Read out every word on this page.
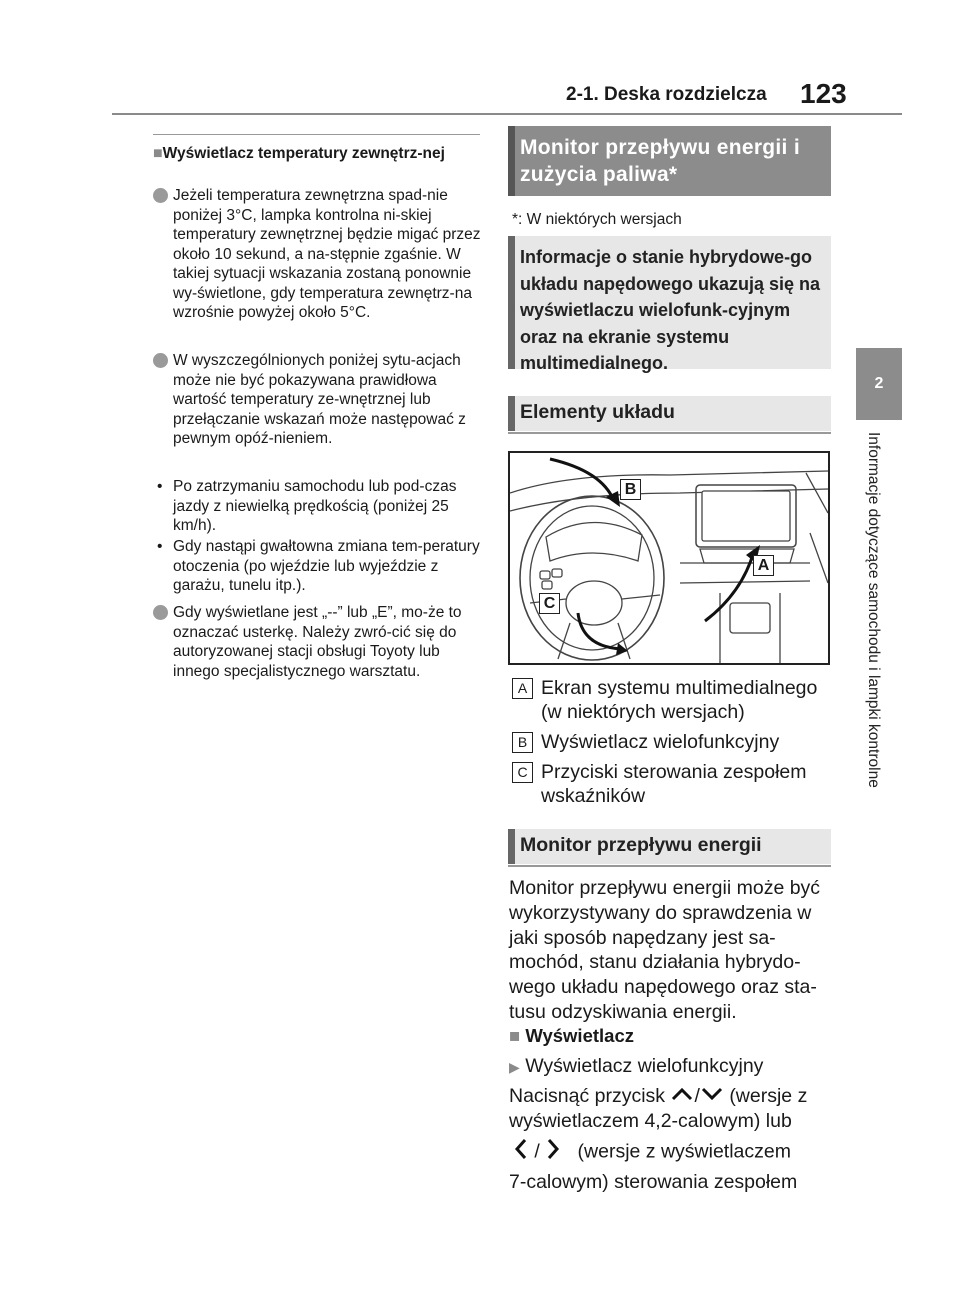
2-1. Deska rozdzielcza 123
2
Informacje dotyczące samochodu i lampki kontrolne
■Wyświetlacz temperatury zewnętrz-nej
Jeżeli temperatura zewnętrzna spad-nie poniżej 3°C, lampka kontrolna ni-skiej temperatury zewnętrznej będzie migać przez około 10 sekund, a na-stępnie zgaśnie. W takiej sytuacji wskazania zostaną ponownie wy-świetlone, gdy temperatura zewnętrz-na wzrośnie powyżej około 5°C.
W wyszczególnionych poniżej sytu-acjach może nie być pokazywana prawidłowa wartość temperatury ze-wnętrznej lub przełączanie wskazań może następować z pewnym opóź-nieniem.
• Po zatrzymaniu samochodu lub pod-czas jazdy z niewielką prędkością (poniżej 25 km/h).
• Gdy nastąpi gwałtowna zmiana tem-peratury otoczenia (po wjeździe lub wyjeździe z garażu, tunelu itp.).
Gdy wyświetlane jest „--” lub „E”, mo-że to oznaczać usterkę. Należy zwró-cić się do autoryzowanej stacji obsługi Toyoty lub innego specjalistycznego warsztatu.
Monitor przepływu energii i zużycia paliwa*
*: W niektórych wersjach
Informacje o stanie hybrydowe-go układu napędowego ukazują się na wyświetlaczu wielofunk-cyjnym oraz na ekranie systemu multimedialnego.
Elementy układu
B
A
C
A Ekran systemu multimedialnego (w niektórych wersjach)
B Wyświetlacz wielofunkcyjny
C Przyciski sterowania zespołem wskaźników
Monitor przepływu energii
Monitor przepływu energii może być wykorzystywany do sprawdzenia w jaki sposób napędzany jest sa-mochód, stanu działania hybrydo-wego układu napędowego oraz sta-tusu odzyskiwania energii.
■ Wyświetlacz
▶ Wyświetlacz wielofunkcyjny
Nacisnąć przycisk / (wersje z wyświetlaczem 4,2-calowym) lub
/ (wersje z wyświetlaczem
7-calowym) sterowania zespołem
